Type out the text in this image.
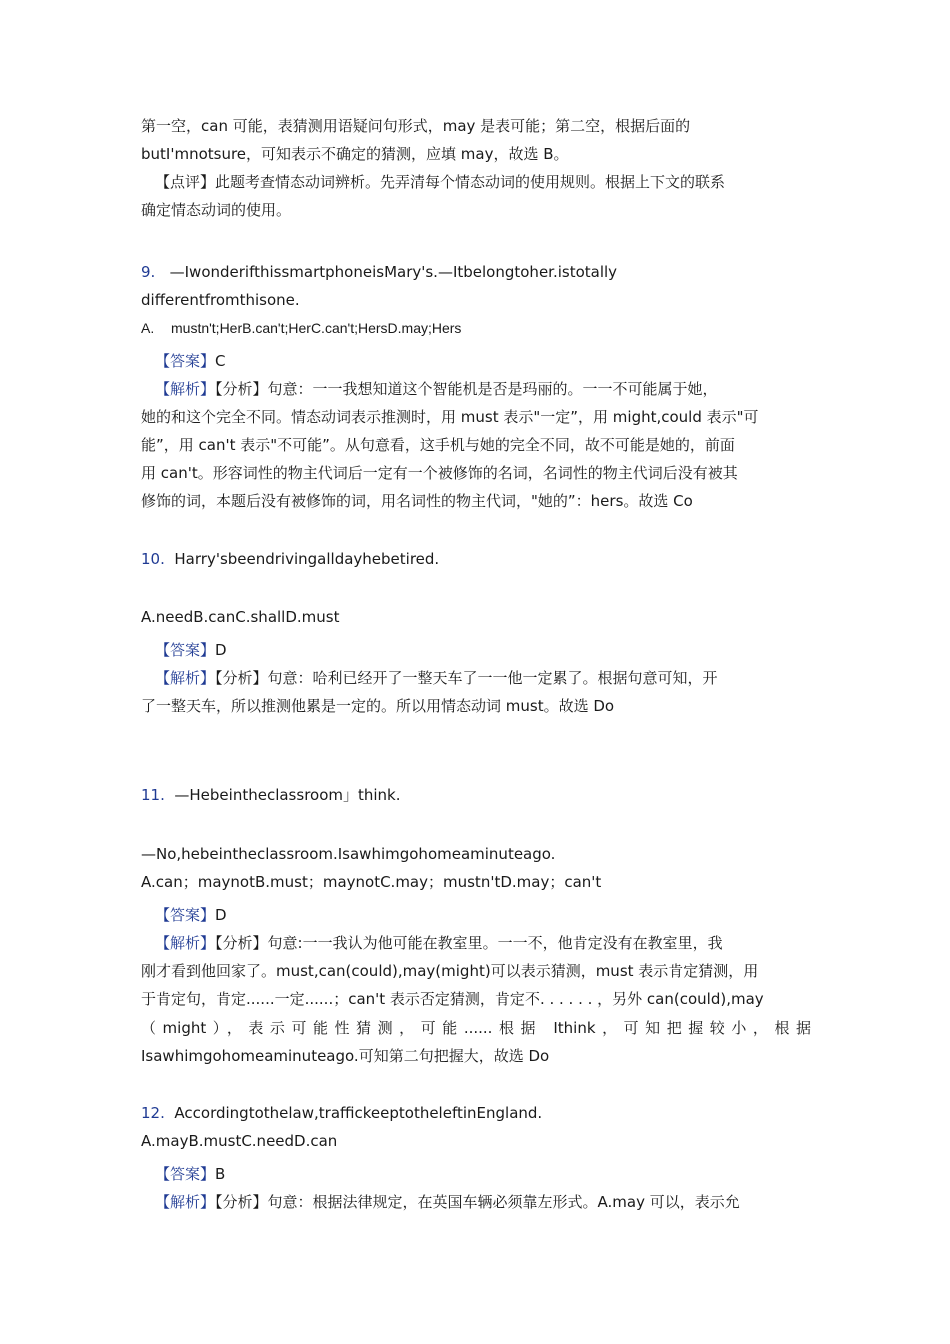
第一空，can 可能，表猜测用语疑问句形式，may 是表可能；第二空，根据后面的
butI'mnotsure，可知表示不确定的猜测，应填 may，故选 B。
【点评】此题考查情态动词辨析。先弄清每个情态动词的使用规则。根据上下文的联系
确定情态动词的使用。
9. —IwonderifthissmartphoneisMary's.—Itbelongtoher.istotally
differentfromthisone.
A. mustn't;HerB.can't;HerC.can't;HersD.may;Hers
【答案】C
【解析】【分析】句意：一一我想知道这个智能机是否是玛丽的。一一不可能属于她，
她的和这个完全不同。情态动词表示推测时，用 must 表示"一定”，用 might,could 表示"可
能”，用 can't 表示"不可能”。从句意看，这手机与她的完全不同，故不可能是她的，前面
用 can't。形容词性的物主代词后一定有一个被修饰的名词，名词性的物主代词后没有被其
修饰的词，本题后没有被修饰的词，用名词性的物主代词，"她的”：hers。故选 Co
10. Harry'sbeendrivingalldayhebetired.
A.needB.canC.shallD.must
【答案】D
【解析】【分析】句意：哈利已经开了一整天车了一一他一定累了。根据句意可知，开
了一整天车，所以推测他累是一定的。所以用情态动词 must。故选 Do
11. —Hebeintheclassroom」think.
—No,hebeintheclassroom.Isawhimgohomeaminuteago.
A.can；maynotB.must；maynotC.may；mustn'tD.may；can't
【答案】D
【解析】【分析】句意:一一我认为他可能在教室里。一一不，他肯定没有在教室里，我
刚才看到他回家了。must,can(could),may(might)可以表示猜测，must 表示肯定猜测，用
于肯定句，肯定......一定......；can't 表示否定猜测，肯定不. . . . . . ，另外 can(could),may
（might），表示可能性猜测，可能......根据 Ithink，可知把握较小，根据
Isawhimgohomeaminuteago.可知第二句把握大，故选 Do
12. Accordingtothelaw,traffickeeptotheleftinEngland.
A.mayB.mustC.needD.can
【答案】B
【解析】【分析】句意：根据法律规定，在英国车辆必须靠左形式。A.may 可以，表示允
